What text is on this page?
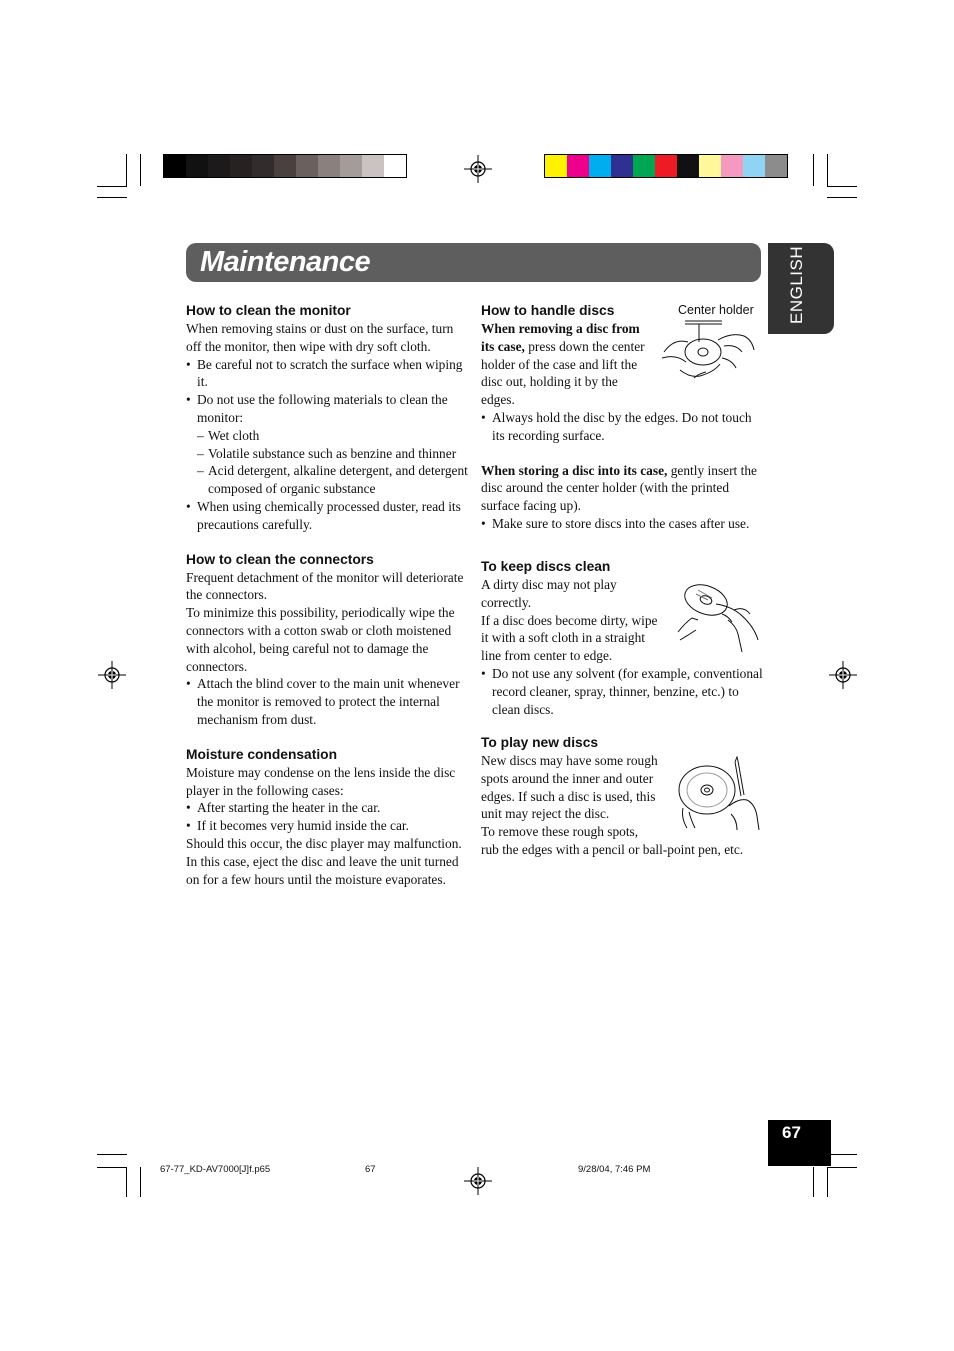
Maintenance	ENGLISH
How to clean the monitor

When removing stains or dust on the surface, turn off the monitor, then wipe with dry soft cloth.

• Be careful not to scratch the surface when wiping it.
• Do not use the following materials to clean the monitor:
– Wet cloth
– Volatile substance such as benzine and thinner
– Acid detergent, alkaline detergent, and detergent composed of organic substance
• When using chemically processed duster, read its precautions carefully.
How to clean the connectors

Frequent detachment of the monitor will deteriorate the connectors.

To minimize this possibility, periodically wipe the connectors with a cotton swab or cloth moistened with alcohol, being careful not to damage the connectors.

• Attach the blind cover to the main unit whenever the monitor is removed to protect the internal mechanism from dust.
Moisture condensation

Moisture may condense on the lens inside the disc player in the following cases:

• After starting the heater in the car.
• If it becomes very humid inside the car.

Should this occur, the disc player may malfunction. In this case, eject the disc and leave the unit turned on for a few hours until the moisture evaporates.

How to handle discs

When removing a disc from

its case, press down the center

holder of the case and lift the

disc out, holding it by the

edges.

• Always hold the disc by the edges. Do not touch its recording surface.

When storing a disc into its case, gently insert the disc around the center holder (with the printed surface facing up).

• Make sure to store discs into the cases after use.
Center holder
To keep discs clean

A dirty disc may not play

correctly.

If a disc does become dirty, wipe

it with a soft cloth in a straight

line from center to edge.

• Do not use any solvent (for example, conventional record cleaner, spray, thinner, benzine, etc.) to clean discs.
To play new discs

New discs may have some rough

spots around the inner and outer

edges. If such a disc is used, this

unit may reject the disc.

To remove these rough spots,

rub the edges with a pencil or ball-point pen, etc.

67
67-77_KD-AV7000[J]f.p65	67	9/28/04, 7:46 PM
